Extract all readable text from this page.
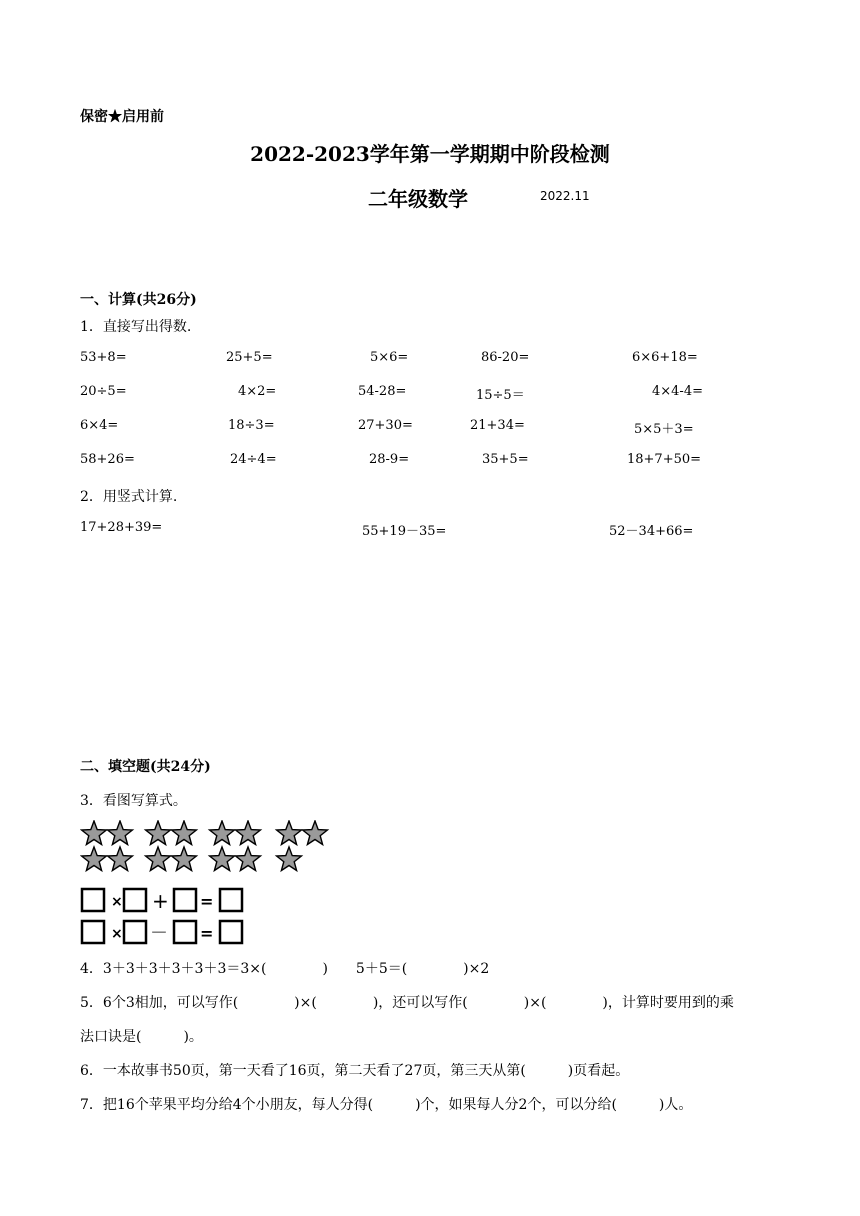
保密★启用前
2022-2023学年第一学期期中阶段检测
二年级数学	2022.11
一、计算(共26分)
1．直接写出得数.
53+8=	25+5=	5×6=	86-20=	6×6+18=
20÷5=	4×2=	54-28=	15÷5＝	4×4-4=
6×4=	18÷3=	27+30=	21+34=	5×5＋3=
58+26=	24÷4=	28-9=	35+5=	18+7+50=
2．用竖式计算.
17+28+39=	55+19－35=	52－34+66=
二、填空题(共24分)
3．看图写算式。
× + =
× － =
4．3＋3＋3＋3＋3＋3＝3×(　　　　)　　5＋5＝(　　　　)×2
5．6个3相加，可以写作(　　　　)×(　　　　)，还可以写作(　　　　)×(　　　　)，计算时要用到的乘
法口诀是(　　　)。
6．一本故事书50页，第一天看了16页，第二天看了27页，第三天从第(　　　)页看起。
7．把16个苹果平均分给4个小朋友，每人分得(　　　)个，如果每人分2个，可以分给(　　　)人。
